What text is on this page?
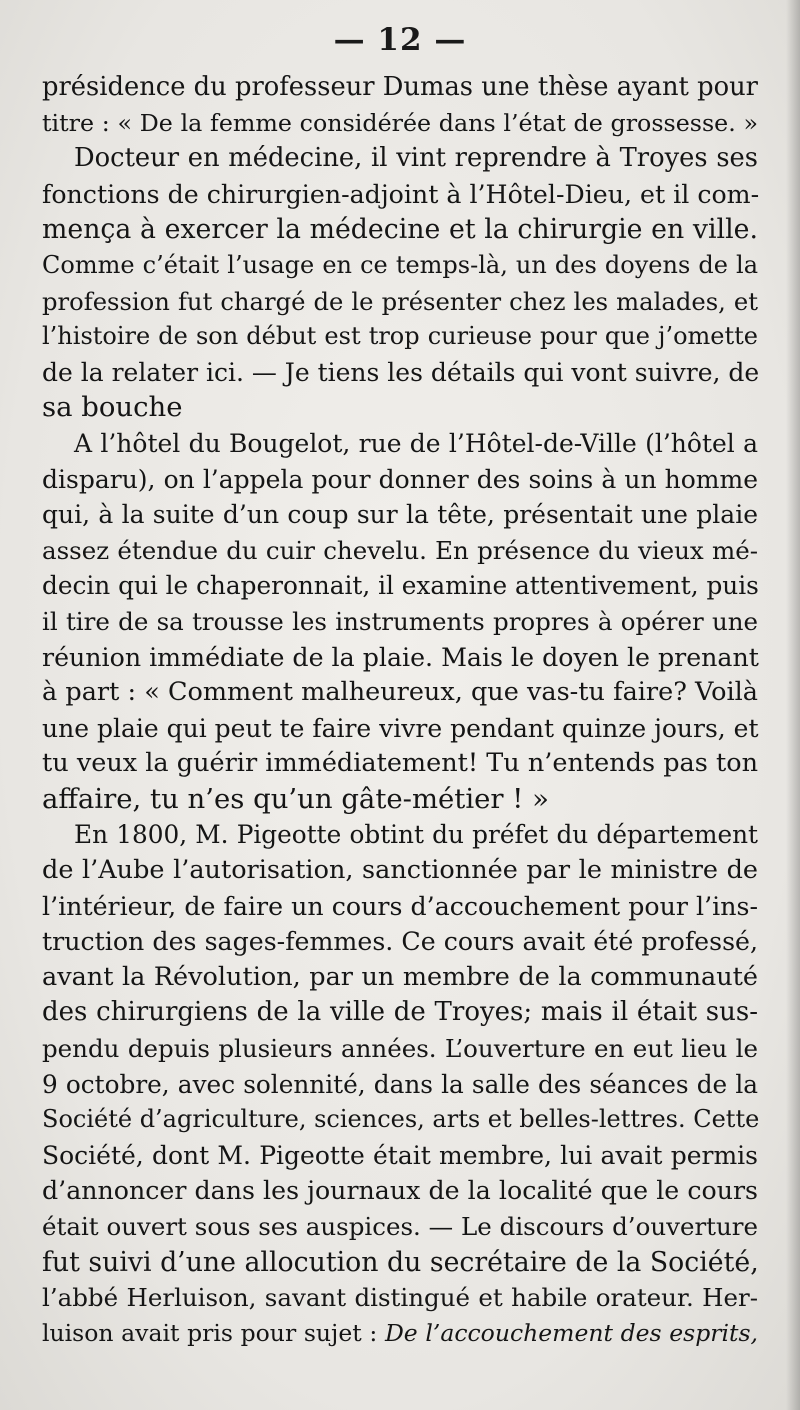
— 12 —
présidence du professeur Dumas une thèse ayant pour
titre : « De la femme considérée dans l’état de grossesse. »
Docteur en médecine, il vint reprendre à Troyes ses
fonctions de chirurgien-adjoint à l’Hôtel-Dieu, et il com-
mença à exercer la médecine et la chirurgie en ville.
Comme c’était l’usage en ce temps-là, un des doyens de la
profession fut chargé de le présenter chez les malades, et
l’histoire de son début est trop curieuse pour que j’omette
de la relater ici. — Je tiens les détails qui vont suivre, de
sa bouche
A l’hôtel du Bougelot, rue de l’Hôtel-de-Ville (l’hôtel a
disparu), on l’appela pour donner des soins à un homme
qui, à la suite d’un coup sur la tête, présentait une plaie
assez étendue du cuir chevelu. En présence du vieux mé-
decin qui le chaperonnait, il examine attentivement, puis
il tire de sa trousse les instruments propres à opérer une
réunion immédiate de la plaie. Mais le doyen le prenant
à part : « Comment malheureux, que vas-tu faire? Voilà
une plaie qui peut te faire vivre pendant quinze jours, et
tu veux la guérir immédiatement! Tu n’entends pas ton
affaire, tu n’es qu’un gâte-métier ! »
En 1800, M. Pigeotte obtint du préfet du département
de l’Aube l’autorisation, sanctionnée par le ministre de
l’intérieur, de faire un cours d’accouchement pour l’ins-
truction des sages-femmes. Ce cours avait été professé,
avant la Révolution, par un membre de la communauté
des chirurgiens de la ville de Troyes; mais il était sus-
pendu depuis plusieurs années. L’ouverture en eut lieu le
9 octobre, avec solennité, dans la salle des séances de la
Société d’agriculture, sciences, arts et belles-lettres. Cette
Société, dont M. Pigeotte était membre, lui avait permis
d’annoncer dans les journaux de la localité que le cours
était ouvert sous ses auspices. — Le discours d’ouverture
fut suivi d’une allocution du secrétaire de la Société,
l’abbé Herluison, savant distingué et habile orateur. Her-
luison avait pris pour sujet : De l’accouchement des esprits,
